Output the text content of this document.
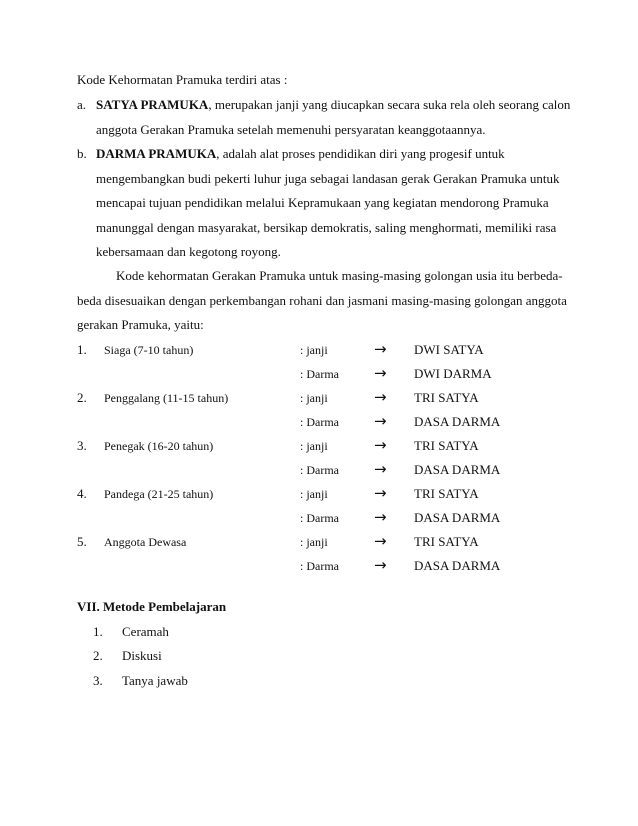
Kode Kehormatan Pramuka terdiri atas :
a. SATYA PRAMUKA, merupakan janji yang diucapkan secara suka rela oleh seorang calon
anggota Gerakan Pramuka setelah memenuhi persyaratan keanggotaannya.
b. DARMA PRAMUKA, adalah alat proses pendidikan diri yang progesif untuk
mengembangkan budi pekerti luhur juga sebagai landasan gerak Gerakan Pramuka untuk
mencapai tujuan pendidikan melalui Kepramukaan yang kegiatan mendorong Pramuka
manunggal dengan masyarakat, bersikap demokratis, saling menghormati, memiliki rasa
kebersamaan dan kegotong royong.
Kode kehormatan Gerakan Pramuka untuk masing-masing golongan usia itu berbeda-
beda disesuaikan dengan perkembangan rohani dan jasmani masing-masing golongan anggota
gerakan Pramuka, yaitu:
1. Siaga (7-10 tahun)	: janji	→ DWI SATYA
: Darma → DWI DARMA
2. Penggalang (11-15 tahun)	: janji	→ TRI SATYA
: Darma → DASA DARMA
3. Penegak (16-20 tahun)	: janji	→ TRI SATYA
: Darma → DASA DARMA
4. Pandega (21-25 tahun)	: janji	→ TRI SATYA
: Darma → DASA DARMA
5. Anggota Dewasa	: janji	→ TRI SATYA
: Darma → DASA DARMA
VII. Metode Pembelajaran
1. Ceramah
2. Diskusi
3. Tanya jawab
